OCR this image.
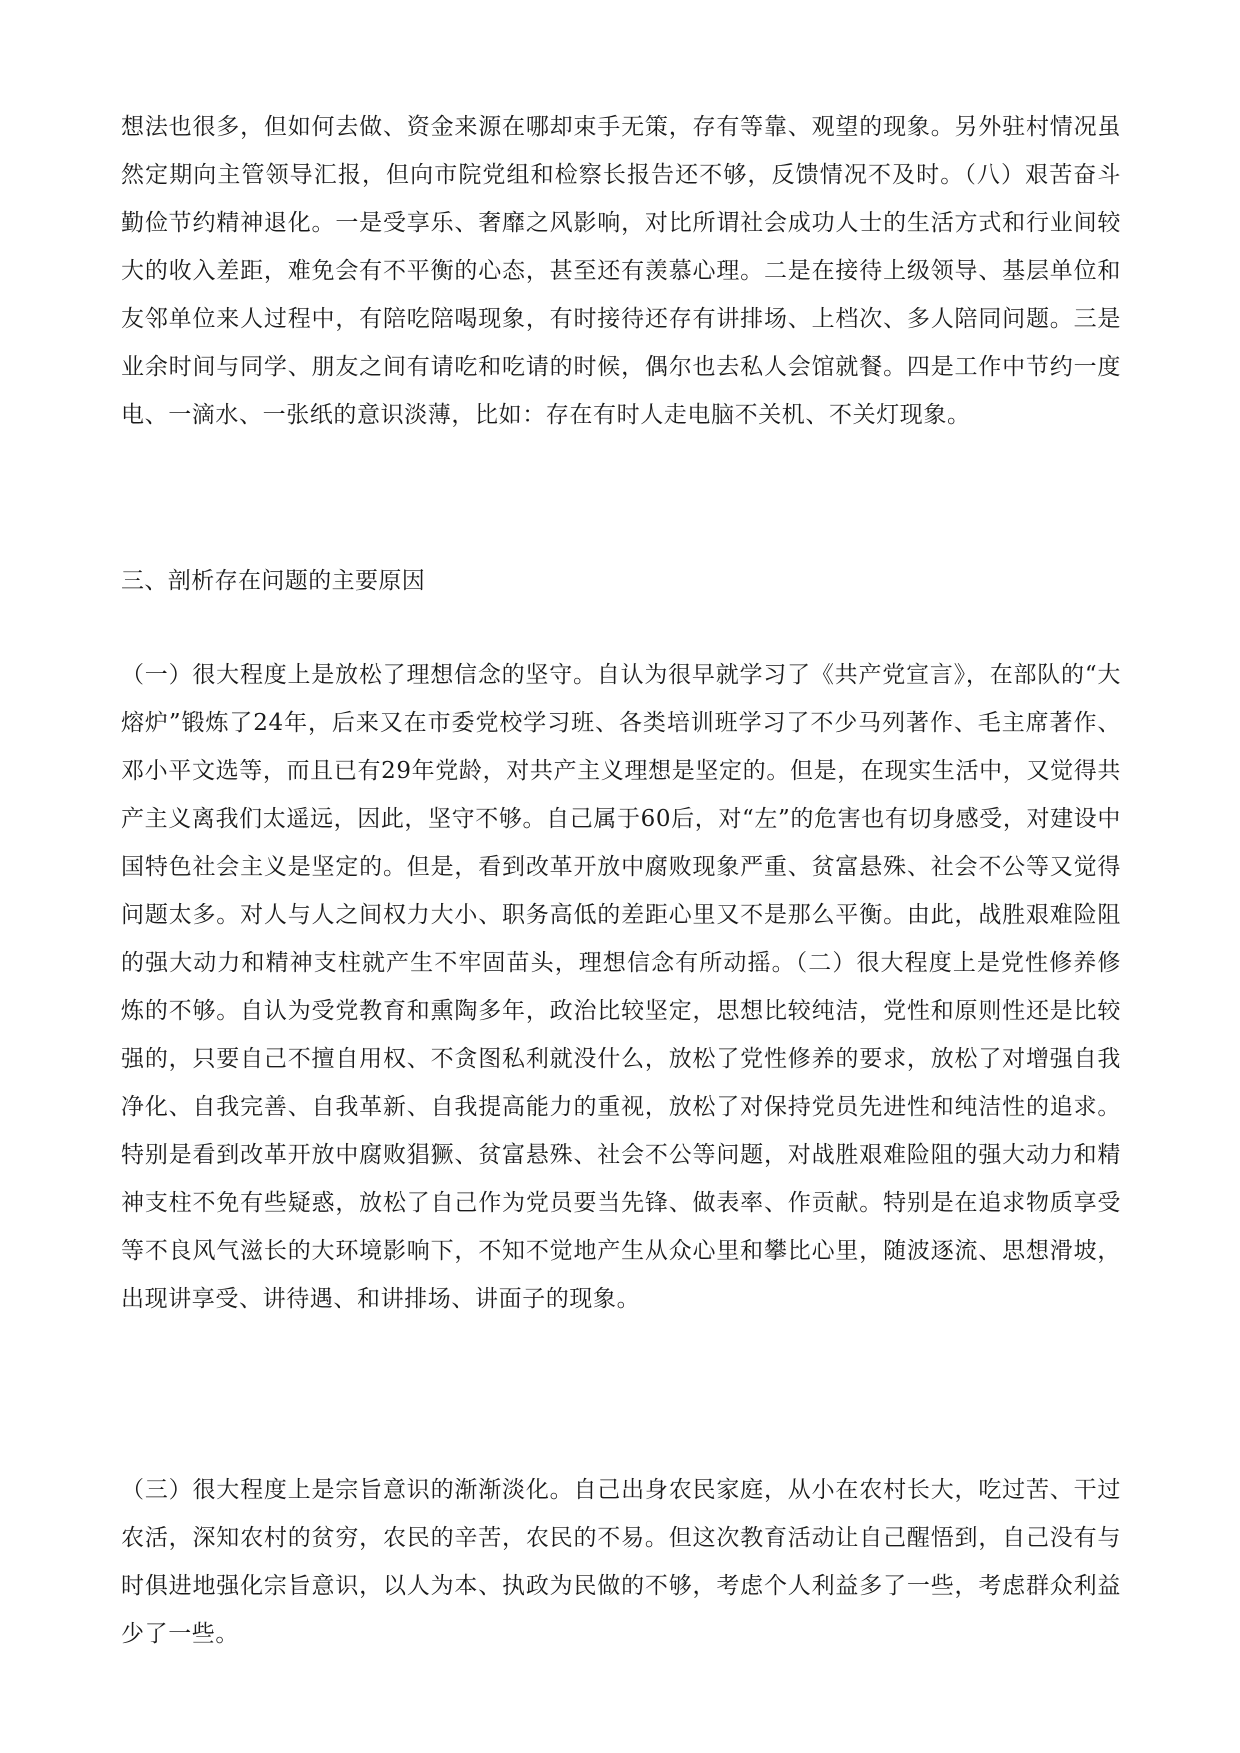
想法也很多，但如何去做、资金来源在哪却束手无策，存有等靠、观望的现象。另外驻村情况虽然定期向主管领导汇报，但向市院党组和检察长报告还不够，反馈情况不及时。（八）艰苦奋斗勤俭节约精神退化。一是受享乐、奢靡之风影响，对比所谓社会成功人士的生活方式和行业间较大的收入差距，难免会有不平衡的心态，甚至还有羡慕心理。二是在接待上级领导、基层单位和友邻单位来人过程中，有陪吃陪喝现象，有时接待还存有讲排场、上档次、多人陪同问题。三是业余时间与同学、朋友之间有请吃和吃请的时候，偶尔也去私人会馆就餐。四是工作中节约一度电、一滴水、一张纸的意识淡薄，比如：存在有时人走电脑不关机、不关灯现象。

三、剖析存在问题的主要原因

（一）很大程度上是放松了理想信念的坚守。自认为很早就学习了《共产党宣言》，在部队的“大熔炉”锻炼了24年，后来又在市委党校学习班、各类培训班学习了不少马列著作、毛主席著作、邓小平文选等，而且已有29年党龄，对共产主义理想是坚定的。但是，在现实生活中，又觉得共产主义离我们太遥远，因此，坚守不够。自己属于60后，对“左”的危害也有切身感受，对建设中国特色社会主义是坚定的。但是，看到改革开放中腐败现象严重、贫富悬殊、社会不公等又觉得问题太多。对人与人之间权力大小、职务高低的差距心里又不是那么平衡。由此，战胜艰难险阻的强大动力和精神支柱就产生不牢固苗头，理想信念有所动摇。（二）很大程度上是党性修养修炼的不够。自认为受党教育和熏陶多年，政治比较坚定，思想比较纯洁，党性和原则性还是比较强的，只要自己不擅自用权、不贪图私利就没什么，放松了党性修养的要求，放松了对增强自我净化、自我完善、自我革新、自我提高能力的重视，放松了对保持党员先进性和纯洁性的追求。特别是看到改革开放中腐败猖獗、贫富悬殊、社会不公等问题，对战胜艰难险阻的强大动力和精神支柱不免有些疑惑，放松了自己作为党员要当先锋、做表率、作贡献。特别是在追求物质享受等不良风气滋长的大环境影响下，不知不觉地产生从众心里和攀比心里，随波逐流、思想滑坡，出现讲享受、讲待遇、和讲排场、讲面子的现象。

（三）很大程度上是宗旨意识的渐渐淡化。自己出身农民家庭，从小在农村长大，吃过苦、干过农活，深知农村的贫穷，农民的辛苦，农民的不易。但这次教育活动让自己醒悟到，自己没有与时俱进地强化宗旨意识，以人为本、执政为民做的不够，考虑个人利益多了一些，考虑群众利益少了一些。
